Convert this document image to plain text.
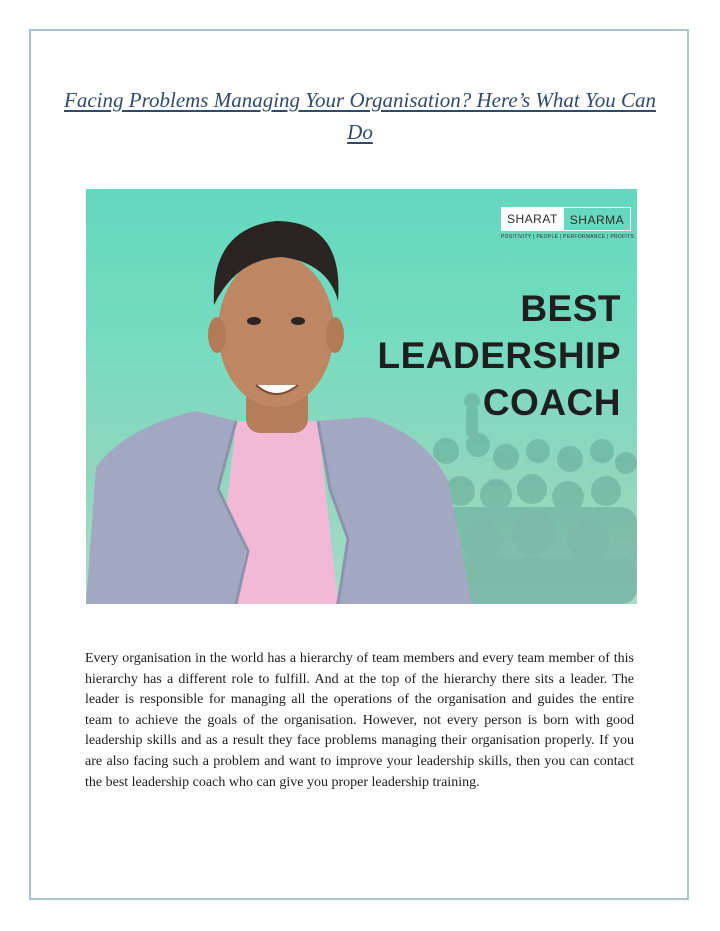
Facing Problems Managing Your Organisation? Here’s What You Can Do
SHARAT	SHARMA
POSITIVITY | PEOPLE | PERFORMANCE | PROFITS
BEST
LEADERSHIP
COACH

Every organisation in the world has a hierarchy of team members and every team member of this hierarchy has a different role to fulfill. And at the top of the hierarchy there sits a leader. The leader is responsible for managing all the operations of the organisation and guides the entire team to achieve the goals of the organisation. However, not every person is born with good leadership skills and as a result they face problems managing their organisation properly. If you are also facing such a problem and want to improve your leadership skills, then you can contact the best leadership coach who can give you proper leadership training.
